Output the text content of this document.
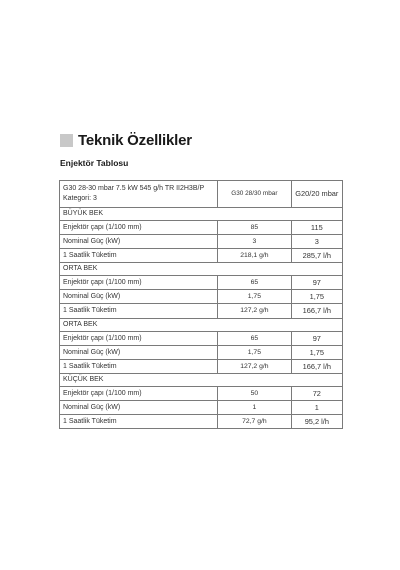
Teknik Özellikler
Enjektör Tablosu
G30 28-30 mbar 7.5 kW 545 g/h TR II2H3B/P Kategori: 3	G30 28/30 mbar	G20/20 mbar
BÜYÜK BEK		
Enjektör çapı (1/100 mm)	85	115
Nominal Güç (kW)	3	3
1 Saatlik Tüketim	218,1 g/h	285,7 l/h
ORTA BEK		
Enjektör çapı (1/100 mm)	65	97
Nominal Güç (kW)	1,75	1,75
1 Saatlik Tüketim	127,2 g/h	166,7 l/h
ORTA BEK		
Enjektör çapı (1/100 mm)	65	97
Nominal Güç (kW)	1,75	1,75
1 Saatlik Tüketim	127,2 g/h	166,7 l/h
KÜÇÜK BEK		
Enjektör çapı (1/100 mm)	50	72
Nominal Güç (kW)	1	1
1 Saatlik Tüketim	72,7 g/h	95,2 l/h
